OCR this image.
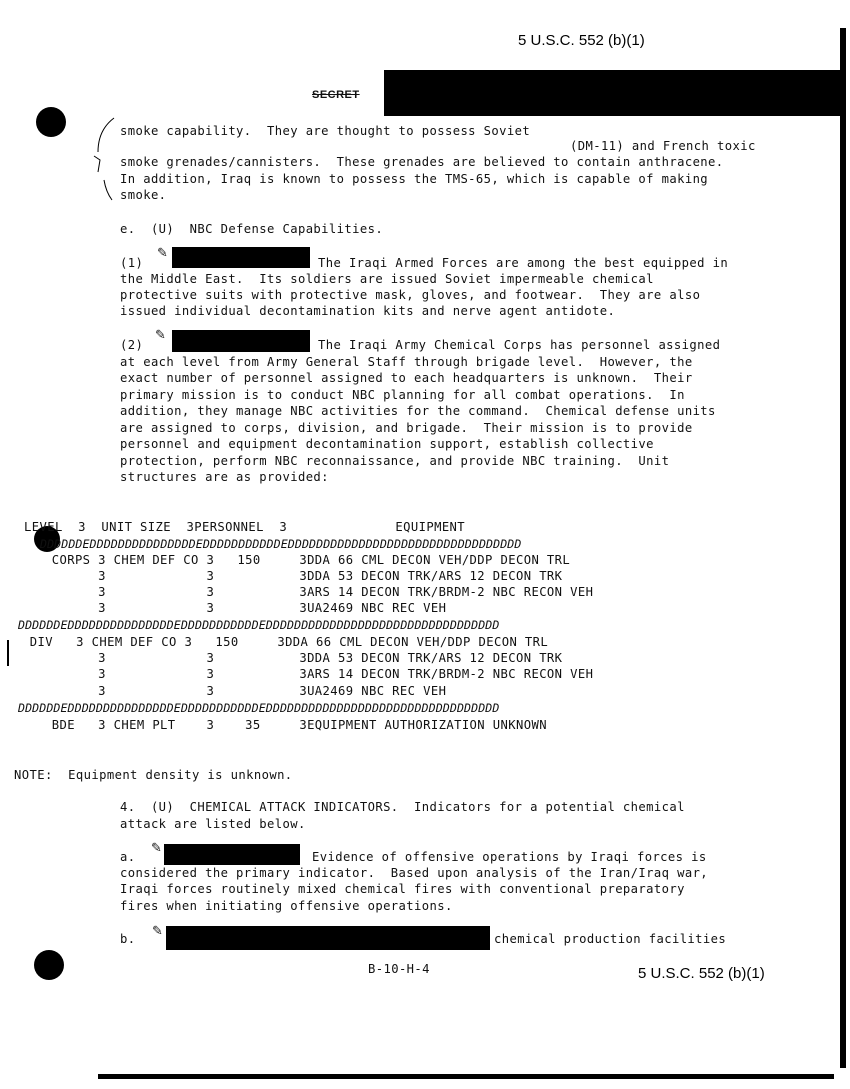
5 U.S.C. 552 (b)(1)
SECRET
smoke capability.  They are thought to possess Soviet
(DM-11) and French toxic
smoke grenades/cannisters.  These grenades are believed to contain anthracene.
In addition, Iraq is known to possess the TMS-65, which is capable of making
smoke.
e.  (U)  NBC Defense Capabilities.
(1)
✎
The Iraqi Armed Forces are among the best equipped in
the Middle East.  Its soldiers are issued Soviet impermeable chemical
protective suits with protective mask, gloves, and footwear.  They are also
issued individual decontamination kits and nerve agent antidote.
(2)
✎
The Iraqi Army Chemical Corps has personnel assigned
at each level from Army General Staff through brigade level.  However, the
exact number of personnel assigned to each headquarters is unknown.  Their
primary mission is to conduct NBC planning for all combat operations.  In
addition, they manage NBC activities for the command.  Chemical defense units
are assigned to corps, division, and brigade.  Their mission is to provide
personnel and equipment decontamination support, establish collective
protection, perform NBC reconnaissance, and provide NBC training.  Unit
structures are as provided:
LEVEL  3  UNIT SIZE  3PERSONNEL  3              EQUIPMENT
DDDDDDEDDDDDDDDDDDDDDDEDDDDDDDDDDDEDDDDDDDDDDDDDDDDDDDDDDDDDDDDDDDDD
CORPS 3 CHEM DEF CO 3   150     3DDA 66 CML DECON VEH/DDP DECON TRL
3             3           3DDA 53 DECON TRK/ARS 12 DECON TRK
3             3           3ARS 14 DECON TRK/BRDM-2 NBC RECON VEH
3             3           3UA2469 NBC REC VEH
DDDDDDEDDDDDDDDDDDDDDDEDDDDDDDDDDDEDDDDDDDDDDDDDDDDDDDDDDDDDDDDDDDDD
DIV   3 CHEM DEF CO 3   150     3DDA 66 CML DECON VEH/DDP DECON TRL
3             3           3DDA 53 DECON TRK/ARS 12 DECON TRK
3             3           3ARS 14 DECON TRK/BRDM-2 NBC RECON VEH
3             3           3UA2469 NBC REC VEH
DDDDDDEDDDDDDDDDDDDDDDEDDDDDDDDDDDEDDDDDDDDDDDDDDDDDDDDDDDDDDDDDDDDD
BDE   3 CHEM PLT    3    35     3EQUIPMENT AUTHORIZATION UNKNOWN
NOTE:  Equipment density is unknown.
4.  (U)  CHEMICAL ATTACK INDICATORS.  Indicators for a potential chemical
attack are listed below.
a.
✎
Evidence of offensive operations by Iraqi forces is
considered the primary indicator.  Based upon analysis of the Iran/Iraq war,
Iraqi forces routinely mixed chemical fires with conventional preparatory
fires when initiating offensive operations.
b. ✎	chemical production facilities
B-10-H-4	5 U.S.C. 552 (b)(1)
